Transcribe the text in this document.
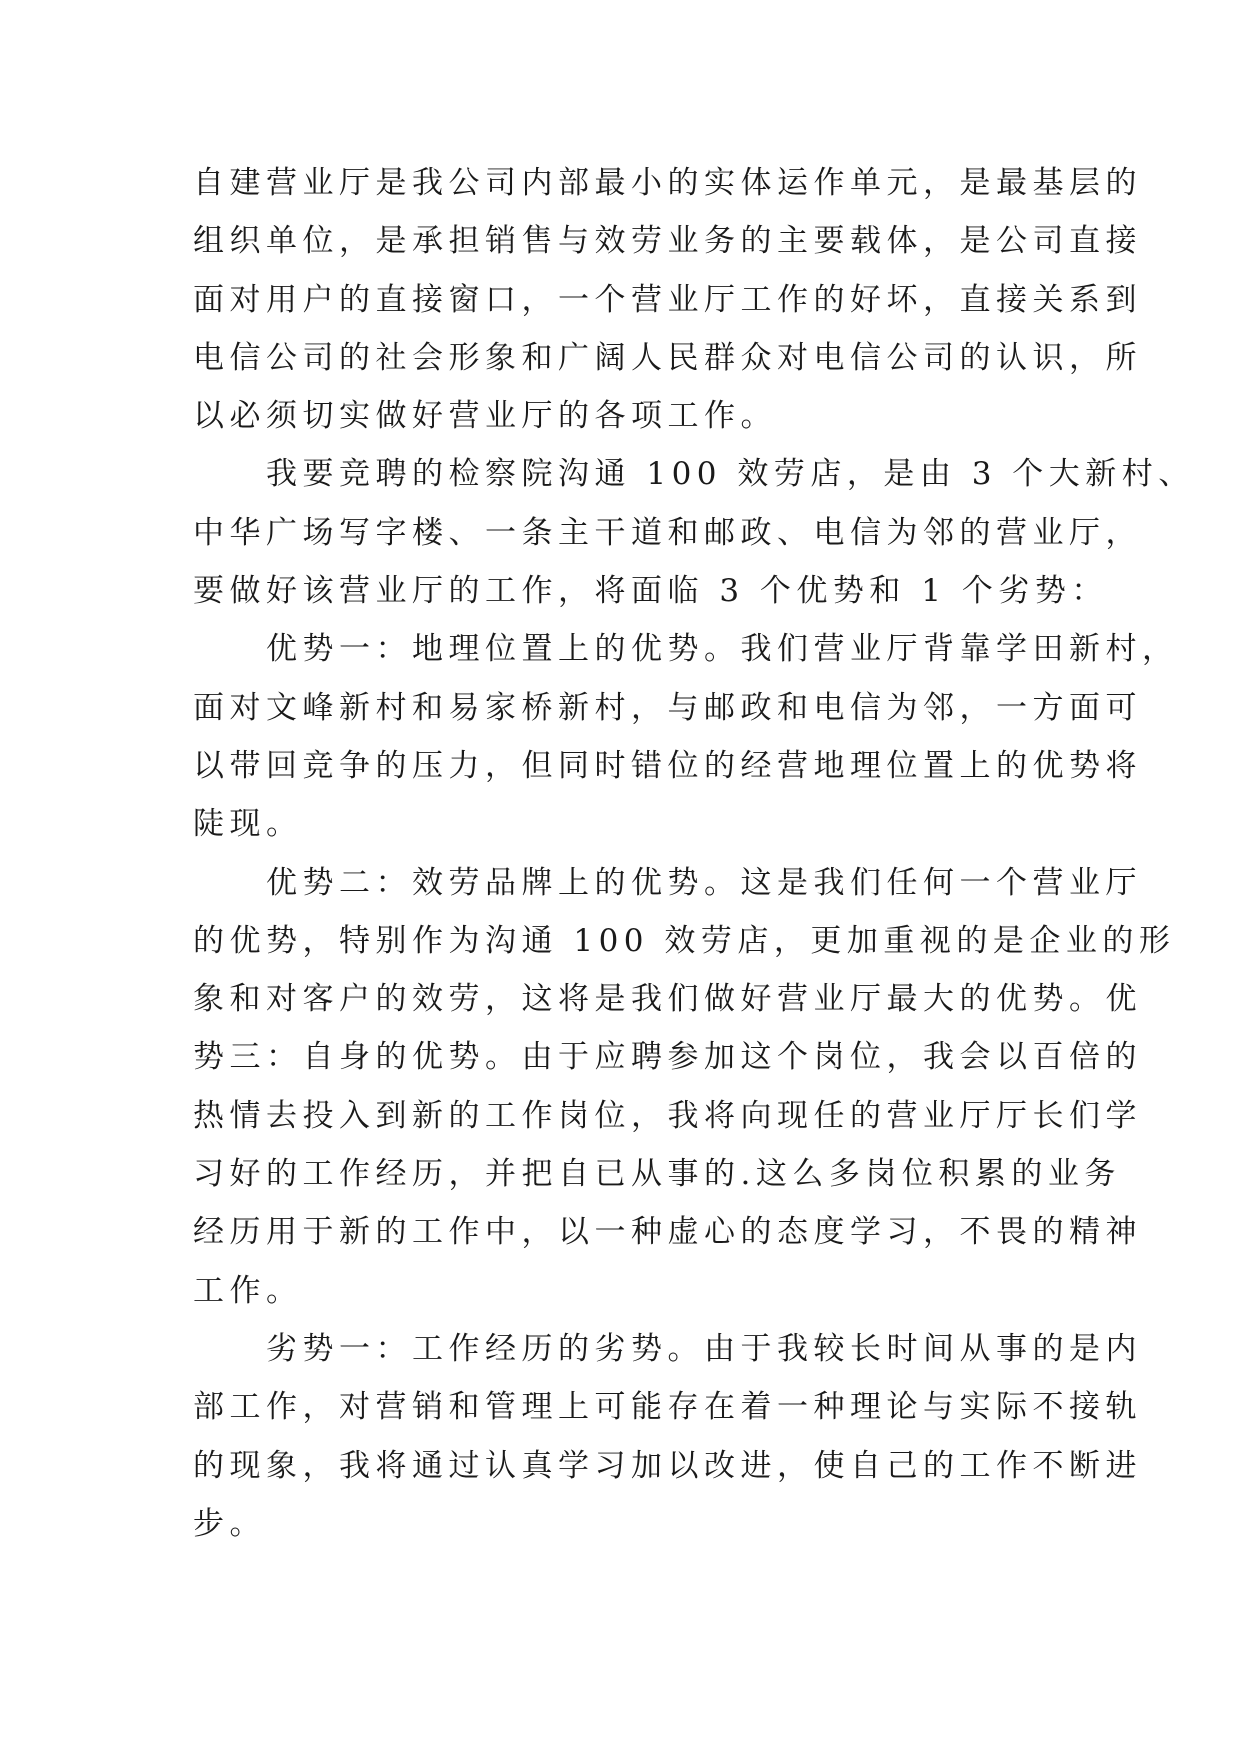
自建营业厅是我公司内部最小的实体运作单元，是最基层的
组织单位，是承担销售与效劳业务的主要载体，是公司直接
面对用户的直接窗口，一个营业厅工作的好坏，直接关系到
电信公司的社会形象和广阔人民群众对电信公司的认识，所
以必须切实做好营业厅的各项工作。
　　我要竞聘的检察院沟通 100 效劳店，是由 3 个大新村、
中华广场写字楼、一条主干道和邮政、电信为邻的营业厅，
要做好该营业厅的工作，将面临 3 个优势和 1 个劣势：
　　优势一：地理位置上的优势。我们营业厅背靠学田新村，
面对文峰新村和易家桥新村，与邮政和电信为邻，一方面可
以带回竞争的压力，但同时错位的经营地理位置上的优势将
陡现。
　　优势二：效劳品牌上的优势。这是我们任何一个营业厅
的优势，特别作为沟通 100 效劳店，更加重视的是企业的形
象和对客户的效劳，这将是我们做好营业厅最大的优势。优
势三：自身的优势。由于应聘参加这个岗位，我会以百倍的
热情去投入到新的工作岗位，我将向现任的营业厅厅长们学
习好的工作经历，并把自已从事的.这么多岗位积累的业务
经历用于新的工作中，以一种虚心的态度学习，不畏的精神
工作。
　　劣势一：工作经历的劣势。由于我较长时间从事的是内
部工作，对营销和管理上可能存在着一种理论与实际不接轨
的现象，我将通过认真学习加以改进，使自己的工作不断进
步。
